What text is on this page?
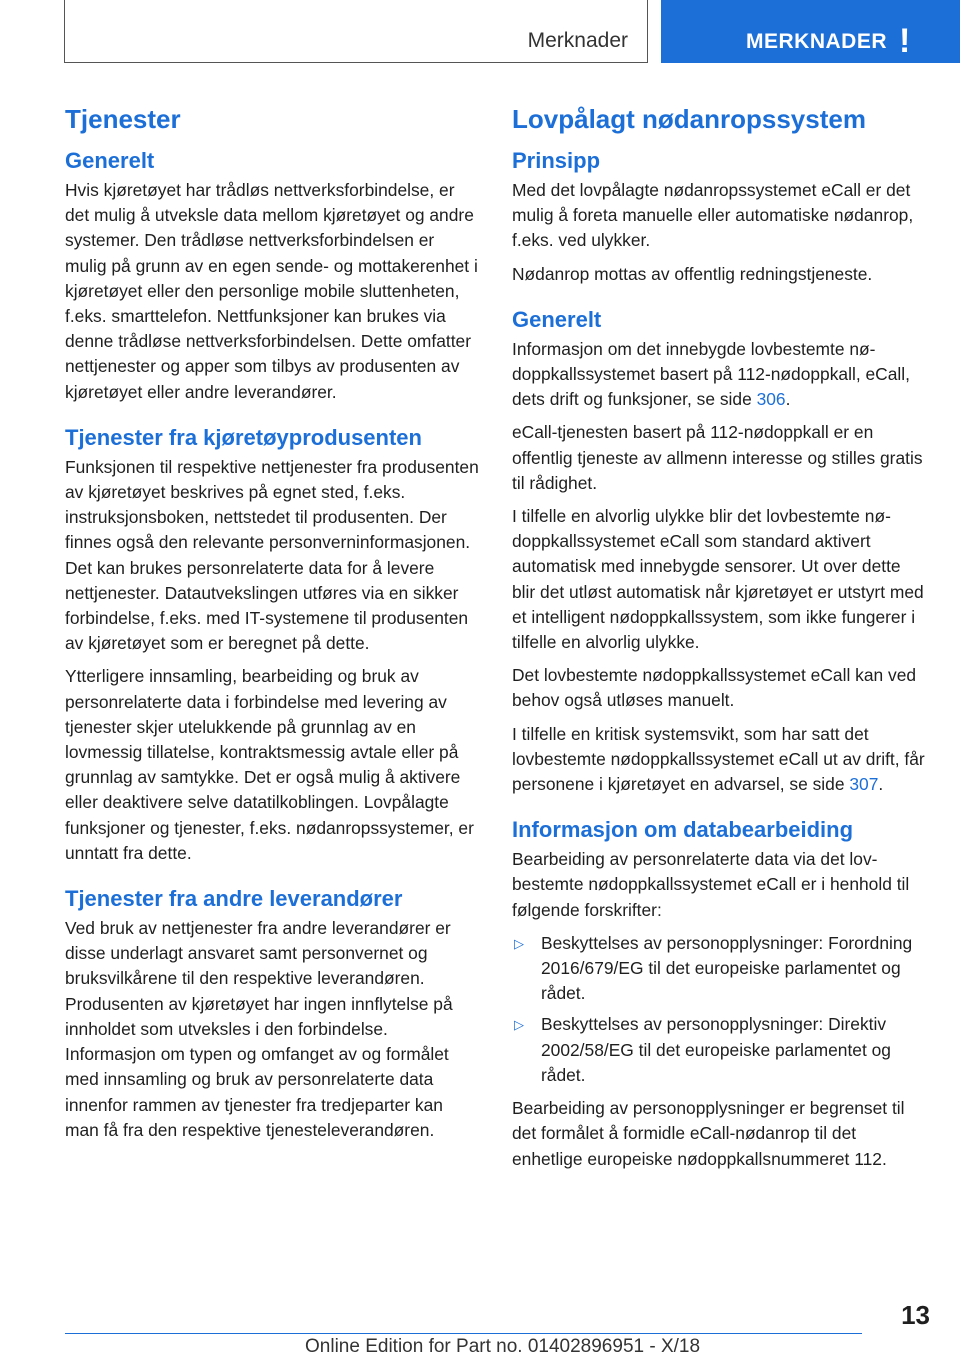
Merknader	MERKNADER !
Tjenester
Generelt

Hvis kjøretøyet har trådløs nettverksforbindelse, er det mulig å utveksle data mellom kjøretøyet og andre systemer. Den trådløse nettverksforbindelsen er mulig på grunn av en egen sende- og mottakerenhet i kjøretøyet eller den personlige mobile sluttenheten, f.eks. smarttelefon. Nettfunksjoner kan brukes via denne trådløse nettverksforbindelsen. Dette omfatter nettjenester og apper som tilbys av produsenten av kjøretøyet eller andre leverandører.

Tjenester fra kjøretøyprodusenten

Funksjonen til respektive nettjenester fra produsenten av kjøretøyet beskrives på egnet sted, f.eks. instruksjonsboken, nettstedet til produsenten. Der finnes også den relevante personverninformasjonen. Det kan brukes personrelaterte data for å levere nettjenester. Datautvekslingen utføres via en sikker forbindelse, f.eks. med IT-systemene til produsenten av kjøretøyet som er beregnet på dette.

Ytterligere innsamling, bearbeiding og bruk av personrelaterte data i forbindelse med levering av tjenester skjer utelukkende på grunnlag av en lovmessig tillatelse, kontraktsmessig avtale eller på grunnlag av samtykke. Det er også mulig å aktivere eller deaktivere selve datatilkoblingen. Lovpålagte funksjoner og tjenester, f.eks. nødanropssystemer, er unntatt fra dette.

Tjenester fra andre leverandører

Ved bruk av nettjenester fra andre leverandører er disse underlagt ansvaret samt personvernet og bruksvilkårene til den respektive leverandøren. Produsenten av kjøretøyet har ingen innflytelse på innholdet som utveksles i den forbindelse. Informasjon om typen og omfanget av og formålet med innsamling og bruk av personrelaterte data innenfor rammen av tjenester fra tredjeparter kan man få fra den respektive tjenesteleverandøren.

Lovpålagt nødanropssystem
Prinsipp

Med det lovpålagte nødanropssystemet eCall er det mulig å foreta manuelle eller automatiske nødanrop, f.eks. ved ulykker.

Nødanrop mottas av offentlig redningstjeneste.

Generelt

Informasjon om det innebygde lovbestemte nødoppkallssystemet basert på 112-nødoppkall, eCall, dets drift og funksjoner, se side 306.

eCall-tjenesten basert på 112-nødoppkall er en offentlig tjeneste av allmenn interesse og stilles gratis til rådighet.

I tilfelle en alvorlig ulykke blir det lovbestemte nødoppkallssystemet eCall som standard aktivert automatisk med innebygde sensorer. Ut over dette blir det utløst automatisk når kjøretøyet er utstyrt med et intelligent nødoppkallssystem, som ikke fungerer i tilfelle en alvorlig ulykke.

Det lovbestemte nødoppkallssystemet eCall kan ved behov også utløses manuelt.

I tilfelle en kritisk systemsvikt, som har satt det lovbestemte nødoppkallssystemet eCall ut av drift, får personene i kjøretøyet en advarsel, se side 307.

Informasjon om databearbeiding

Bearbeiding av personrelaterte data via det lovbestemte nødoppkallssystemet eCall er i henhold til følgende forskrifter:

▷ Beskyttelses av personopplysninger: Forordning 2016/679/EG til det europeiske parlamentet og rådet.
▷ Beskyttelses av personopplysninger: Direktiv 2002/58/EG til det europeiske parlamentet og rådet.

Bearbeiding av personopplysninger er begrenset til det formålet å formidle eCall-nødanrop til det enhetlige europeiske nødoppkallsnummeret 112.

13
Online Edition for Part no. 01402896951 - X/18
